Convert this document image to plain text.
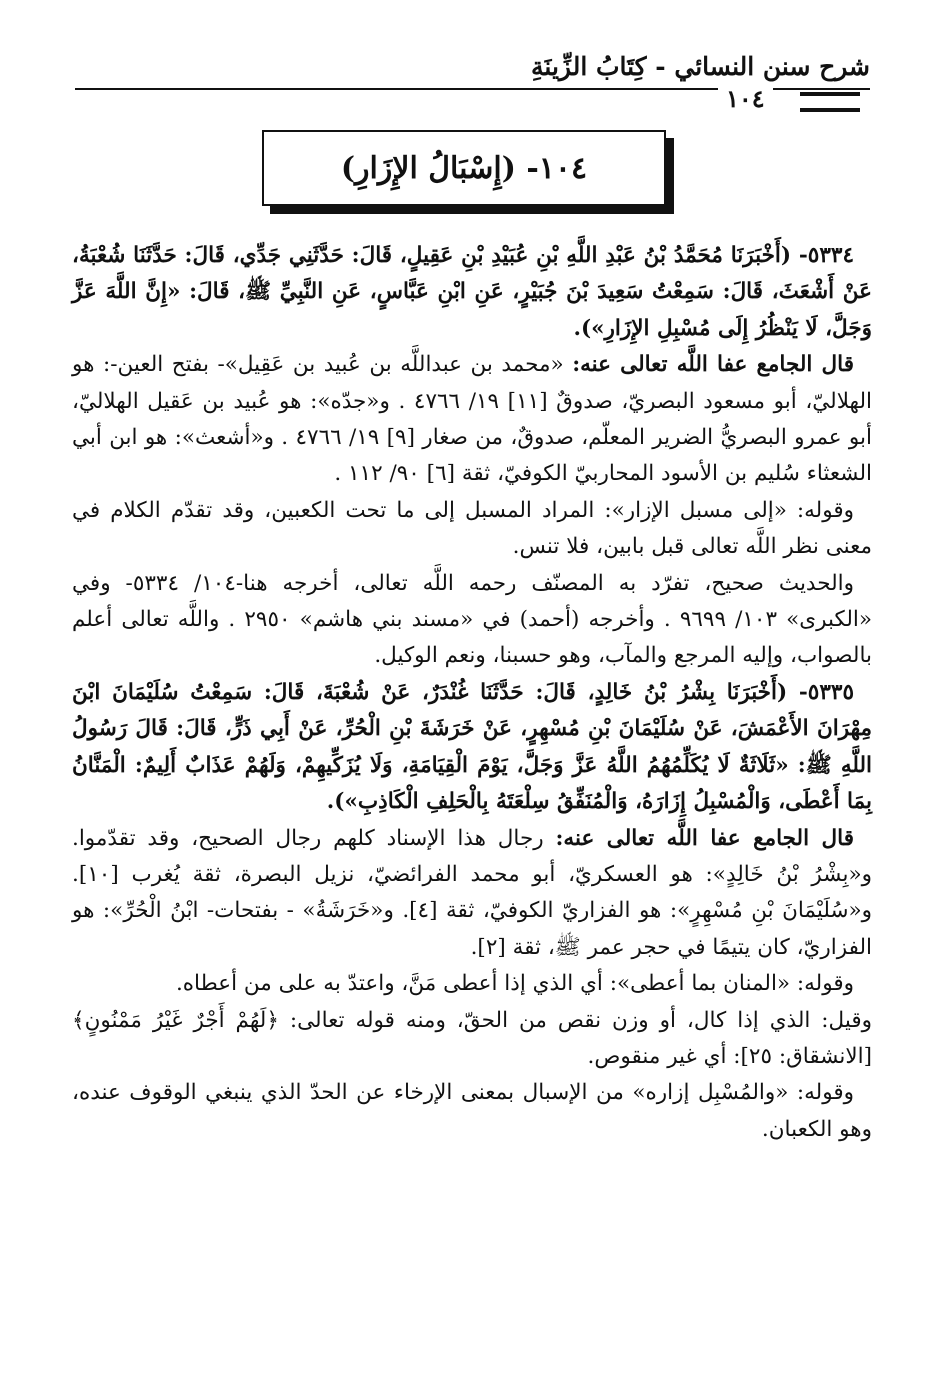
شرح سنن النسائي - كِتَابُ الزِّينَةِ
١٠٤
١٠٤- (إِسْبَالُ الإِزَارِ)

٥٣٣٤- (أَخْبَرَنَا مُحَمَّدُ بْنُ عَبْدِ اللَّهِ بْنِ عُبَيْدِ بْنِ عَقِيلٍ، قَالَ: حَدَّثَنِي جَدِّي، قَالَ: حَدَّثَنَا شُعْبَةُ، عَنْ أَشْعَثَ، قَالَ: سَمِعْتُ سَعِيدَ بْنَ جُبَيْرٍ، عَنِ ابْنِ عَبَّاسٍ، عَنِ النَّبِيِّ ﷺ، قَالَ: «إِنَّ اللَّهَ عَزَّ وَجَلَّ، لَا يَنْظُرُ إِلَى مُسْبِلِ الإِزَارِ»).

قال الجامع عفا اللَّه تعالى عنه: «محمد بن عبداللَّه بن عُبيد بن عَقِيل»- بفتح العين-: هو الهلاليّ، أبو مسعود البصريّ، صدوقٌ [١١] ١٩/ ٤٧٦٦ . و«جدّه»: هو عُبيد بن عَقيل الهلاليّ، أبو عمرو البصريُّ الضرير المعلّم، صدوقٌ، من صغار [٩] ١٩/ ٤٧٦٦ . و«أشعث»: هو ابن أبي الشعثاء سُليم بن الأسود المحاربيّ الكوفيّ، ثقة [٦] ٩٠/ ١١٢ .

وقوله: «إلى مسبل الإزار»: المراد المسبل إلى ما تحت الكعبين، وقد تقدّم الكلام في معنى نظر اللَّه تعالى قبل بابين، فلا تنس.

والحديث صحيح، تفرّد به المصنّف رحمه اللَّه تعالى، أخرجه هنا-١٠٤/ ٥٣٣٤- وفي «الكبرى» ١٠٣/ ٩٦٩٩ . وأخرجه (أحمد) في «مسند بني هاشم» ٢٩٥٠ . واللَّه تعالى أعلم بالصواب، وإليه المرجع والمآب، وهو حسبنا، ونعم الوكيل.

٥٣٣٥- (أَخْبَرَنَا بِشْرُ بْنُ خَالِدٍ، قَالَ: حَدَّثَنَا غُنْدَرٌ، عَنْ شُعْبَةَ، قَالَ: سَمِعْتُ سُلَيْمَانَ ابْنَ مِهْرَانَ الأَعْمَشَ، عَنْ سُلَيْمَانَ بْنِ مُسْهِرٍ، عَنْ خَرَشَةَ بْنِ الْحُرِّ، عَنْ أَبِي ذَرٍّ، قَالَ: قَالَ رَسُولُ اللَّهِ ﷺ: «ثَلَاثَةٌ لَا يُكَلِّمُهُمُ اللَّهُ عَزَّ وَجَلَّ، يَوْمَ الْقِيَامَةِ، وَلَا يُزَكِّيهِمْ، وَلَهُمْ عَذَابٌ أَلِيمٌ: الْمَنَّانُ بِمَا أَعْطَى، وَالْمُسْبِلُ إِزَارَهُ، وَالْمُنَفِّقُ سِلْعَتَهُ بِالْحَلِفِ الْكَاذِبِ»).

قال الجامع عفا اللَّه تعالى عنه: رجال هذا الإسناد كلهم رجال الصحيح، وقد تقدّموا. و«بِشْرُ بْنُ خَالِدٍ»: هو العسكريّ، أبو محمد الفرائضيّ، نزيل البصرة، ثقة يُغرب [١٠]. و«سُلَيْمَانَ بْنِ مُسْهِرٍ»: هو الفزاريّ الكوفيّ، ثقة [٤]. و«خَرَشَةُ» - بفتحات- ابْنُ الْحُرِّ»: هو الفزاريّ، كان يتيمًا في حجر عمر ﷺ، ثقة [٢].

وقوله: «المنان بما أعطى»: أي الذي إذا أعطى مَنَّ، واعتدّ به على من أعطاه.

وقيل: الذي إذا كال، أو وزن نقص من الحقّ، ومنه قوله تعالى: ﴿لَهُمْ أَجْرٌ غَيْرُ مَمْنُونٍ﴾ [الانشقاق: ٢٥]: أي غير منقوص.

وقوله: «والمُسْبِل إزاره» من الإسبال بمعنى الإرخاء عن الحدّ الذي ينبغي الوقوف عنده، وهو الكعبان.
